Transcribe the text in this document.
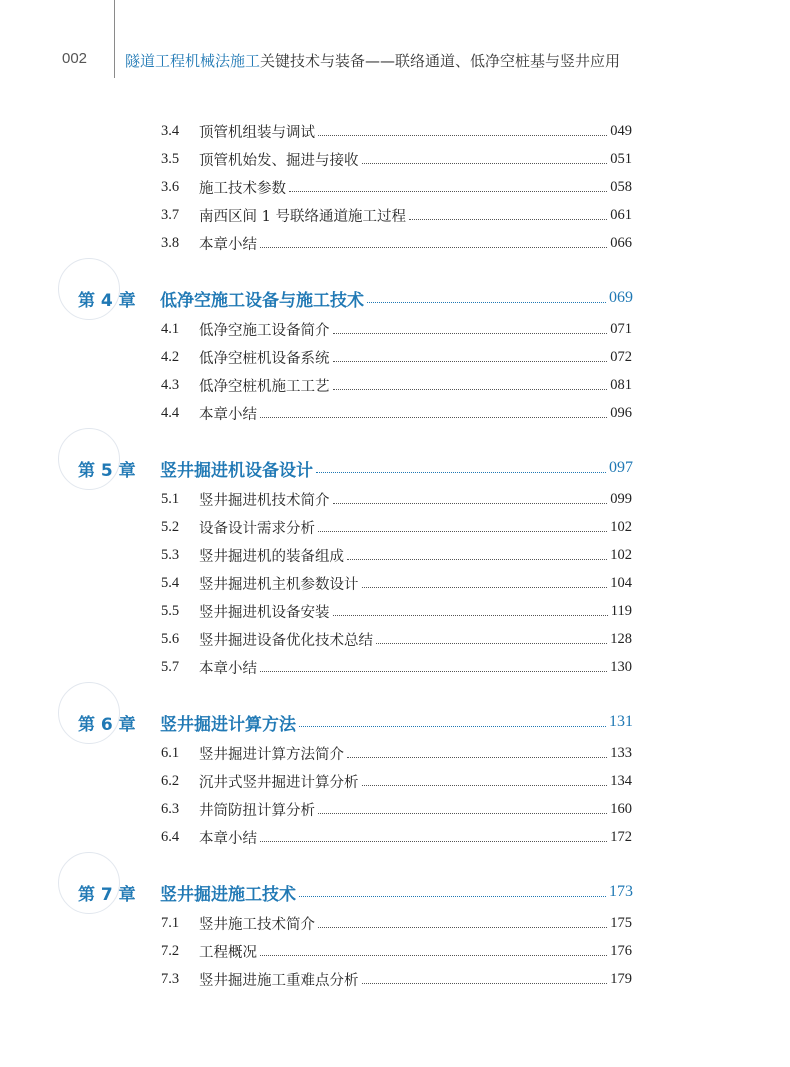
002	隧道工程机械法施工关键技术与装备——联络通道、低净空桩基与竖井应用
3.4	顶管机组装与调试	049
3.5	顶管机始发、掘进与接收	051
3.6	施工技术参数	058
3.7	南西区间 1 号联络通道施工过程	061
3.8	本章小结	066
第 4 章	低净空施工设备与施工技术	069
4.1	低净空施工设备简介	071
4.2	低净空桩机设备系统	072
4.3	低净空桩机施工工艺	081
4.4	本章小结	096
第 5 章	竖井掘进机设备设计	097
5.1	竖井掘进机技术简介	099
5.2	设备设计需求分析	102
5.3	竖井掘进机的装备组成	102
5.4	竖井掘进机主机参数设计	104
5.5	竖井掘进机设备安装	119
5.6	竖井掘进设备优化技术总结	128
5.7	本章小结	130
第 6 章	竖井掘进计算方法	131
6.1	竖井掘进计算方法简介	133
6.2	沉井式竖井掘进计算分析	134
6.3	井筒防扭计算分析	160
6.4	本章小结	172
第 7 章	竖井掘进施工技术	173
7.1	竖井施工技术简介	175
7.2	工程概况	176
7.3	竖井掘进施工重难点分析	179
